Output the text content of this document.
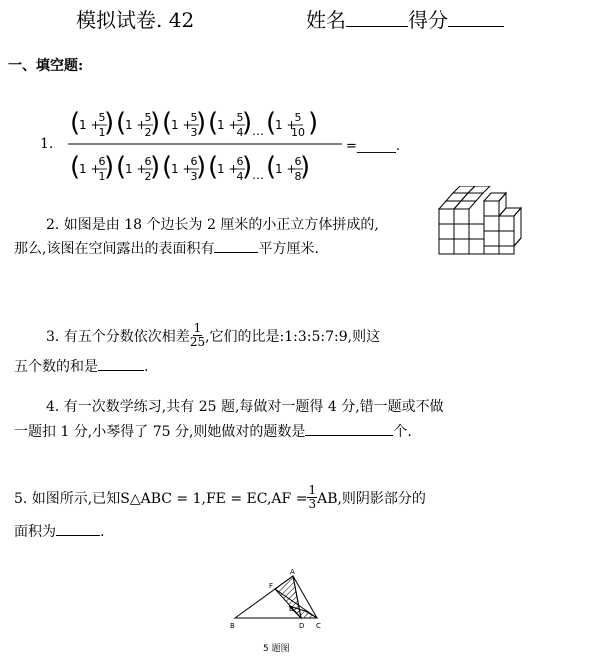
模拟试卷. 42	姓名	得分
一、填空题:
1.
(
1 +
5
1
) (
1 +
5
2
) (
1 +
5
3
) (
1 +
5
4
) … (
1 +
5
10 )
(
1 +
6
1
) (
1 +
6
2
) (
1 +
6
3
) (
1 +
6
4
) … (
1 +
6
8
)
=______.
2. 如图是由 18 个边长为 2 厘米的小正立方体拼成的,
那么,该图在空间露出的表面积有	平方厘米.
3. 有五个分数依次相差 $\frac{1}{25}$ ,它们的比是:1:3:5:7:9,则这
五个数的和是	.
4. 有一次数学练习,共有 25 题,每做对一题得 4 分,错一题或不做
一题扣 1 分,小琴得了 75 分,则她做对的题数是	个.
5. 如图所示,已知S△ABC = $1,FE = EC,AF = \frac{1}{3}$ AB,则阴影部分的
面积为	.
A
B	C
D
E
F
5 题图
